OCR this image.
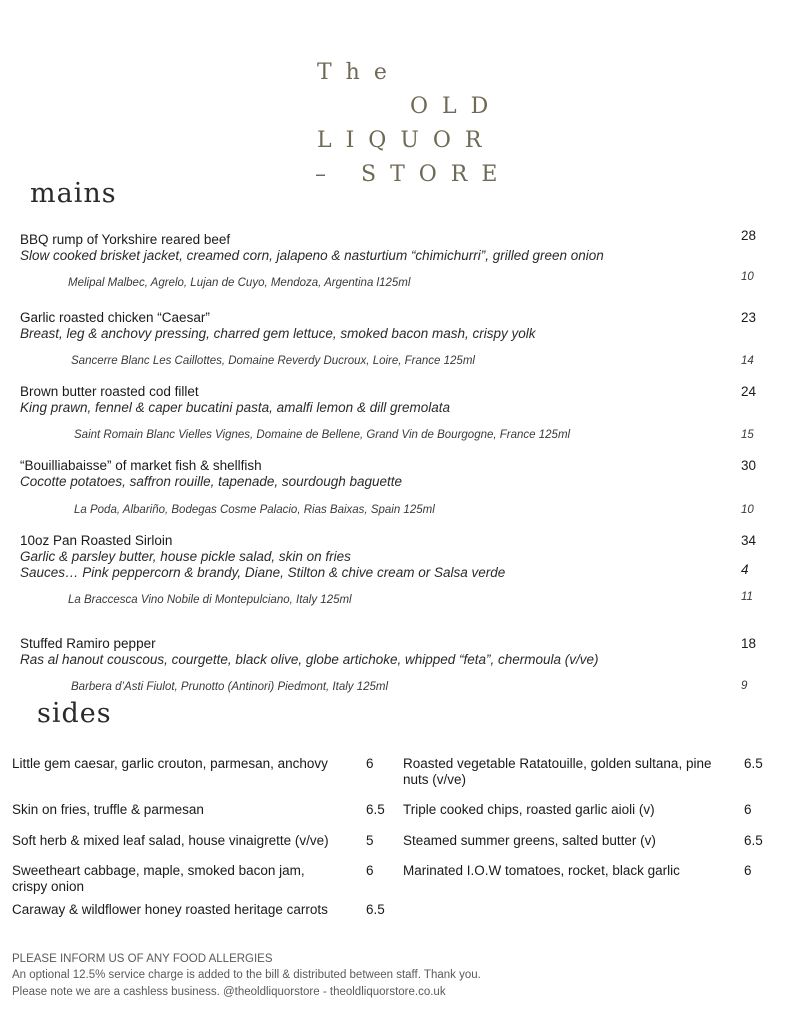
The
OLD
LIQUOR
– STORE
mains
BBQ rump of Yorkshire reared beef
Slow cooked brisket jacket, creamed corn, jalapeno & nasturtium “chimichurri”, grilled green onion
28
Melipal Malbec, Agrelo, Lujan de Cuyo, Mendoza, Argentina l125ml	10
Garlic roasted chicken “Caesar”
Breast, leg & anchovy pressing, charred gem lettuce, smoked bacon mash, crispy yolk
23
Sancerre Blanc Les Caillottes, Domaine Reverdy Ducroux, Loire, France 125ml	14
Brown butter roasted cod fillet
King prawn, fennel & caper bucatini pasta, amalfi lemon & dill gremolata
24
Saint Romain Blanc Vielles Vignes, Domaine de Bellene, Grand Vin de Bourgogne, France 125ml	15
“Bouilliabaisse” of market fish & shellfish
Cocotte potatoes, saffron rouille, tapenade, sourdough baguette
30
La Poda, Albariño, Bodegas Cosme Palacio, Rias Baixas, Spain 125ml	10
10oz Pan Roasted Sirloin
Garlic & parsley butter, house pickle salad, skin on fries
Sauces… Pink peppercorn & brandy, Diane, Stilton & chive cream or Salsa verde
34
4
La Braccesca Vino Nobile di Montepulciano, Italy 125ml	11
Stuffed Ramiro pepper
Ras al hanout couscous, courgette, black olive, globe artichoke, whipped “feta”, chermoula (v/ve)
18
Barbera d’Asti Fiulot, Prunotto (Antinori) Piedmont, Italy 125ml	9
sides
Little gem caesar, garlic crouton, parmesan, anchovy	6
Skin on fries, truffle & parmesan	6.5
Soft herb & mixed leaf salad, house vinaigrette (v/ve)	5
Sweetheart cabbage, maple, smoked bacon jam, crispy onion
6
Caraway & wildflower honey roasted heritage carrots	6.5
Roasted vegetable Ratatouille, golden sultana, pine nuts (v/ve)
6.5
Triple cooked chips, roasted garlic aioli (v)	6
Steamed summer greens, salted butter (v)	6.5
Marinated I.O.W tomatoes, rocket, black garlic	6
PLEASE INFORM US OF ANY FOOD ALLERGIES
An optional 12.5% service charge is added to the bill & distributed between staff. Thank you.
Please note we are a cashless business. @theoldliquorstore - theoldliquorstore.co.uk
